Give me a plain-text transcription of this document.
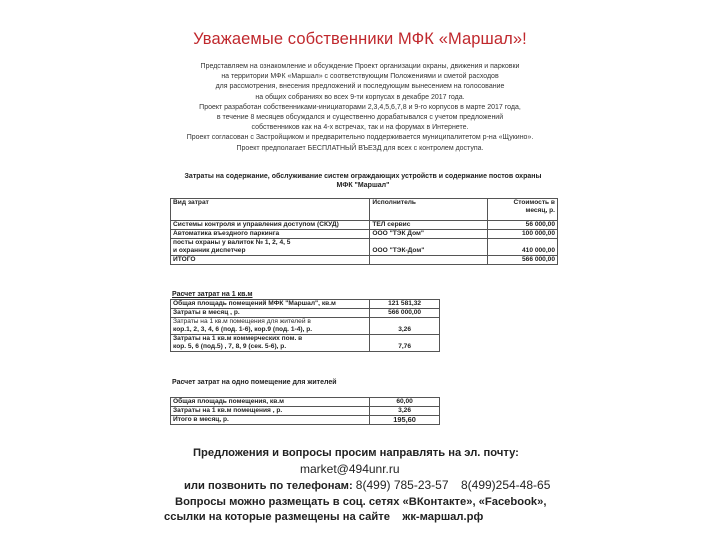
Уважаемые собственники МФК «Маршал»!
Представляем на ознакомление и обсуждение Проект организации охраны, движения и парковки
на территории МФК «Маршал» с соответствующим Положениями и сметой расходов
для рассмотрения, внесения предложений и последующим вынесением на голосование
на общих собраниях во всех 9-ти корпусах в декабре 2017 года.
Проект разработан собственниками-инициаторами 2,3,4,5,6,7,8 и 9-го корпусов в марте 2017 года,
в течение 8 месяцев обсуждался и существенно дорабатывался с учетом предложений
собственников как на 4-х встречах, так и на форумах в Интернете.
Проект согласован с Застройщиком и предварительно поддерживается муниципалитетом р-на «Щукино».
Проект предполагает БЕСПЛАТНЫЙ ВЪЕЗД для всех с контролем доступа.
Затраты на содержание, обслуживание систем ограждающих устройств и содержание постов охраны
МФК "Маршал"
Вид затрат	Исполнитель	Стоимость в
месяц, р.

Системы контроля и управления доступом (СКУД)	ТЕЛ сервис	56 000,00
Автоматика въездного паркинга	ООО "ТЭК Дом"	100 000,00

посты охраны у валиток № 1, 2, 4, 5
и охранник диспетчер	ООО "ТЭК-Дом"	410 000,00
ИТОГО		566 000,00
Расчет затрат на 1 кв.м
Общая площадь помещений МФК "Маршал", кв.м	121 581,32
Затраты в месяц , р.	566 000,00

Затраты на 1 кв.м помещения для жителей в
кор.1, 2, 3, 4, 6 (под. 1-6), кор.9 (под. 1-4), р.	3,26

Затраты на 1 кв.м коммерческих пом. в
кор. 5, 6 (под.5) , 7, 8, 9 (сек. 5-6), р.	7,76
Расчет затрат на одно помещение для жителей
Общая площадь помещения, кв.м	60,00
Затраты на 1 кв.м помещения , р.	3,26
Итого в месяц, р.	195,60
Предложения и вопросы просим направлять на эл. почту:
market@494unr.ru
или позвонить по телефонам: 8(499) 785-23-57 8(499)254-48-65
Вопросы можно размещать в соц. сетях «ВКонтакте», «Facebook»,
ссылки на которые размещены на сайте жк-маршал.рф
